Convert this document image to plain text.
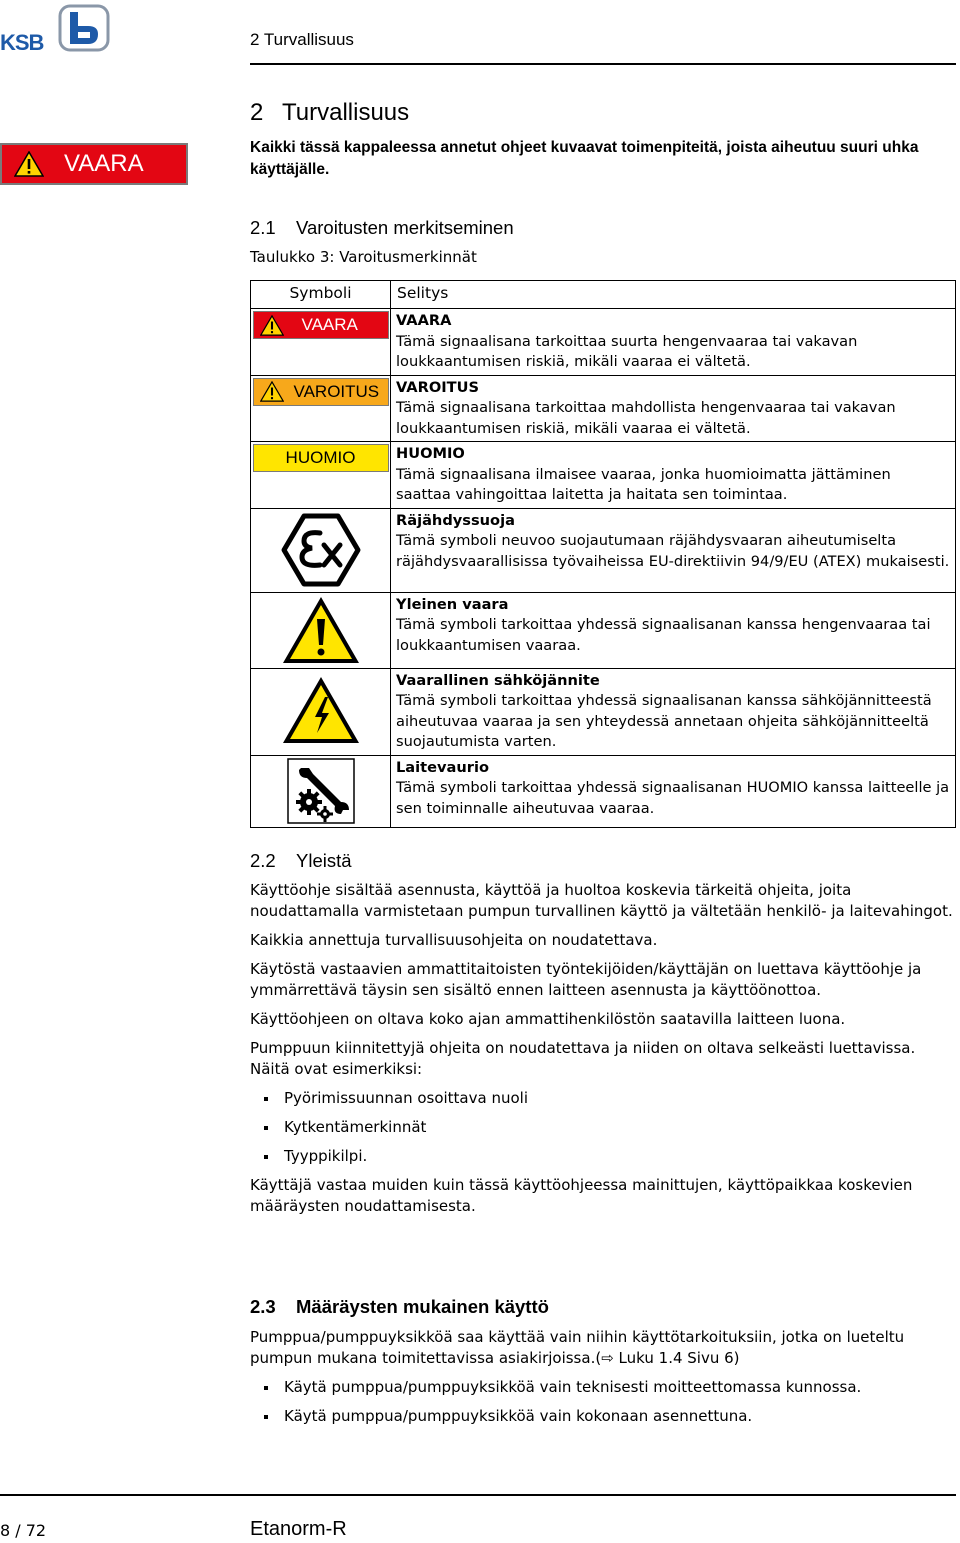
KSB	2 Turvallisuus
VAARA
2 Turvallisuus
Kaikki tässä kappaleessa annetut ohjeet kuvaavat toimenpiteitä, joista aiheutuu suuri uhka käyttäjälle.
2.1 Varoitusten merkitseminen
Taulukko 3: Varoitusmerkinnät
Symboli	Selitys

VAARA	VAARA
Tämä signaalisana tarkoittaa suurta hengenvaaraa tai vakavan loukkaantumisen riskiä, mikäli vaaraa ei vältetä.

VAROITUS	VAROITUS
Tämä signaalisana tarkoittaa mahdollista hengenvaaraa tai vakavan loukkaantumisen riskiä, mikäli vaaraa ei vältetä.

HUOMIO	HUOMIO
Tämä signaalisana ilmaisee vaaraa, jonka huomioimatta jättäminen saattaa vahingoittaa laitetta ja haitata sen toimintaa.

Räjähdyssuoja
Tämä symboli neuvoo suojautumaan räjähdysvaaran aiheutumiselta räjähdysvaarallisissa työvaiheissa EU-direktiivin 94/9/EU (ATEX) mukaisesti.

Yleinen vaara
Tämä symboli tarkoittaa yhdessä signaalisanan kanssa hengenvaaraa tai loukkaantumisen vaaraa.

Vaarallinen sähköjännite
Tämä symboli tarkoittaa yhdessä signaalisanan kanssa sähköjännitteestä aiheutuvaa vaaraa ja sen yhteydessä annetaan ohjeita sähköjännitteeltä suojautumista varten.

Laitevaurio
Tämä symboli tarkoittaa yhdessä signaalisanan HUOMIO kanssa laitteelle ja sen toiminnalle aiheutuvaa vaaraa.
2.2 Yleistä

Käyttöohje sisältää asennusta, käyttöä ja huoltoa koskevia tärkeitä ohjeita, joita noudattamalla varmistetaan pumpun turvallinen käyttö ja vältetään henkilö- ja laitevahingot.

Kaikkia annettuja turvallisuusohjeita on noudatettava.

Käytöstä vastaavien ammattitaitoisten työntekijöiden/käyttäjän on luettava käyttöohje ja ymmärrettävä täysin sen sisältö ennen laitteen asennusta ja käyttöönottoa.

Käyttöohjeen on oltava koko ajan ammattihenkilöstön saatavilla laitteen luona.

Pumppuun kiinnitettyjä ohjeita on noudatettava ja niiden on oltava selkeästi luettavissa. Näitä ovat esimerkiksi:

Pyörimissuunnan osoittava nuoli
Kytkentämerkinnät
Tyyppikilpi.

Käyttäjä vastaa muiden kuin tässä käyttöohjeessa mainittujen, käyttöpaikkaa koskevien määräysten noudattamisesta.

2.3 Määräysten mukainen käyttö

Pumppua/pumppuyksikköä saa käyttää vain niihin käyttötarkoituksiin, jotka on lueteltu pumpun mukana toimitettavissa asiakirjoissa.(⇨ Luku 1.4 Sivu 6)

Käytä pumppua/pumppuyksikköä vain teknisesti moitteettomassa kunnossa.
Käytä pumppua/pumppuyksikköä vain kokonaan asennettuna.
8 / 72	Etanorm-R
